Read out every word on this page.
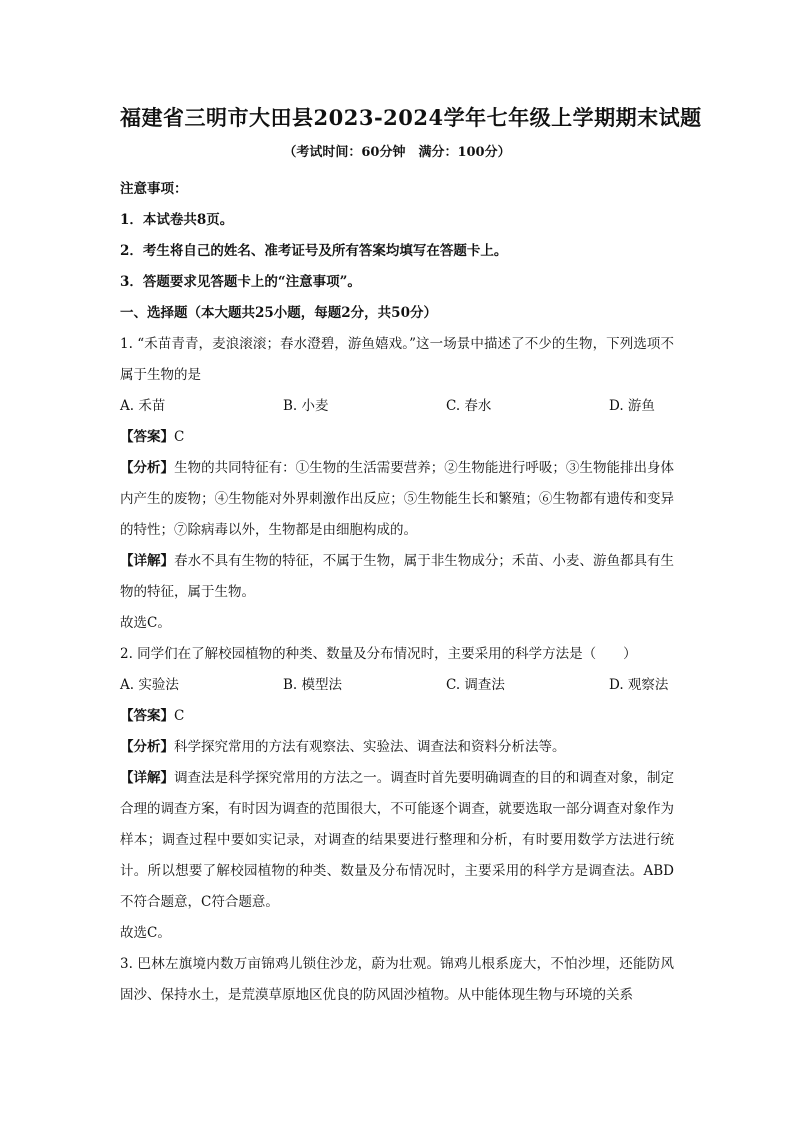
福建省三明市大田县2023-2024学年七年级上学期期末试题
（考试时间：60分钟　满分：100分）
注意事项：
1．本试卷共8页。
2．考生将自己的姓名、准考证号及所有答案均填写在答题卡上。
3．答题要求见答题卡上的“注意事项”。
一、选择题（本大题共25小题，每题2分，共50分）
1. “禾苗青青，麦浪滚滚；春水澄碧，游鱼嬉戏。”这一场景中描述了不少的生物，下列选项不属于生物的是
A. 禾苗	B. 小麦	C. 春水	D. 游鱼
【答案】C
【分析】生物的共同特征有：①生物的生活需要营养；②生物能进行呼吸；③生物能排出身体内产生的废物；④生物能对外界刺激作出反应；⑤生物能生长和繁殖；⑥生物都有遗传和变异的特性；⑦除病毒以外，生物都是由细胞构成的。
【详解】春水不具有生物的特征，不属于生物，属于非生物成分；禾苗、小麦、游鱼都具有生物的特征，属于生物。
故选C。
2. 同学们在了解校园植物的种类、数量及分布情况时，主要采用的科学方法是（　　）
A. 实验法	B. 模型法	C. 调查法	D. 观察法
【答案】C
【分析】科学探究常用的方法有观察法、实验法、调查法和资料分析法等。
【详解】调查法是科学探究常用的方法之一。调查时首先要明确调查的目的和调查对象，制定合理的调查方案，有时因为调查的范围很大，不可能逐个调查，就要选取一部分调查对象作为样本；调查过程中要如实记录，对调查的结果要进行整理和分析，有时要用数学方法进行统计。所以想要了解校园植物的种类、数量及分布情况时，主要采用的科学方是调查法。ABD不符合题意，C符合题意。
故选C。
3. 巴林左旗境内数万亩锦鸡儿锁住沙龙，蔚为壮观。锦鸡儿根系庞大，不怕沙埋，还能防风固沙、保持水土，是荒漠草原地区优良的防风固沙植物。从中能体现生物与环境的关系
